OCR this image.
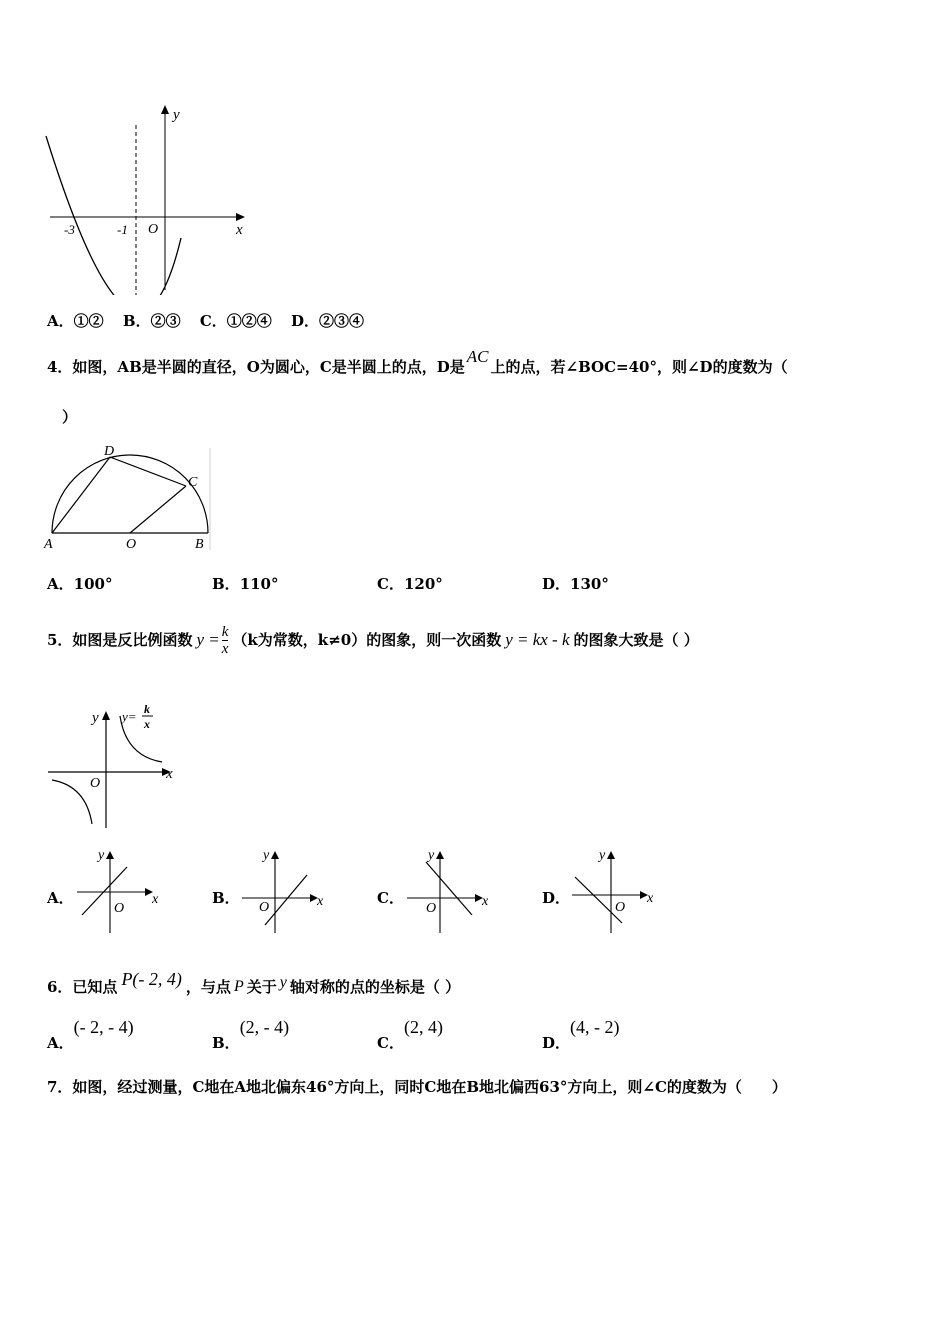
y
x
O
-3	-1
A．①② B．②③ C．①②④ D．②③④
4．如图，AB是半圆的直径，O为圆心，C是半圆上的点，D是AC上的点，若∠BOC=40°，则∠D的度数为（
）
D
C
A	O	B
A．100°	B．110°	C．120°	D．130°
5．如图是反比例函数 $y = \frac{k}{x} (k$为常数，k≠0）的图象，则一次函数 y = kx - k 的图象大致是（ ）
y
x
O
y= k
x
A．
y
x
O
B．
y
x
O
C．
y
x
O
D．
y
x
O
6．已知点 P(- 2, 4) ，与点 P 关于 y 轴对称的点的坐标是（ ）
A．
(- 2, - 4)
B．
(2, - 4)
C．
(2, 4)
D．
(4, - 2)
7．如图，经过测量，C地在A地北偏东46°方向上，同时C地在B地北偏西63°方向上，则∠C的度数为（　　）
